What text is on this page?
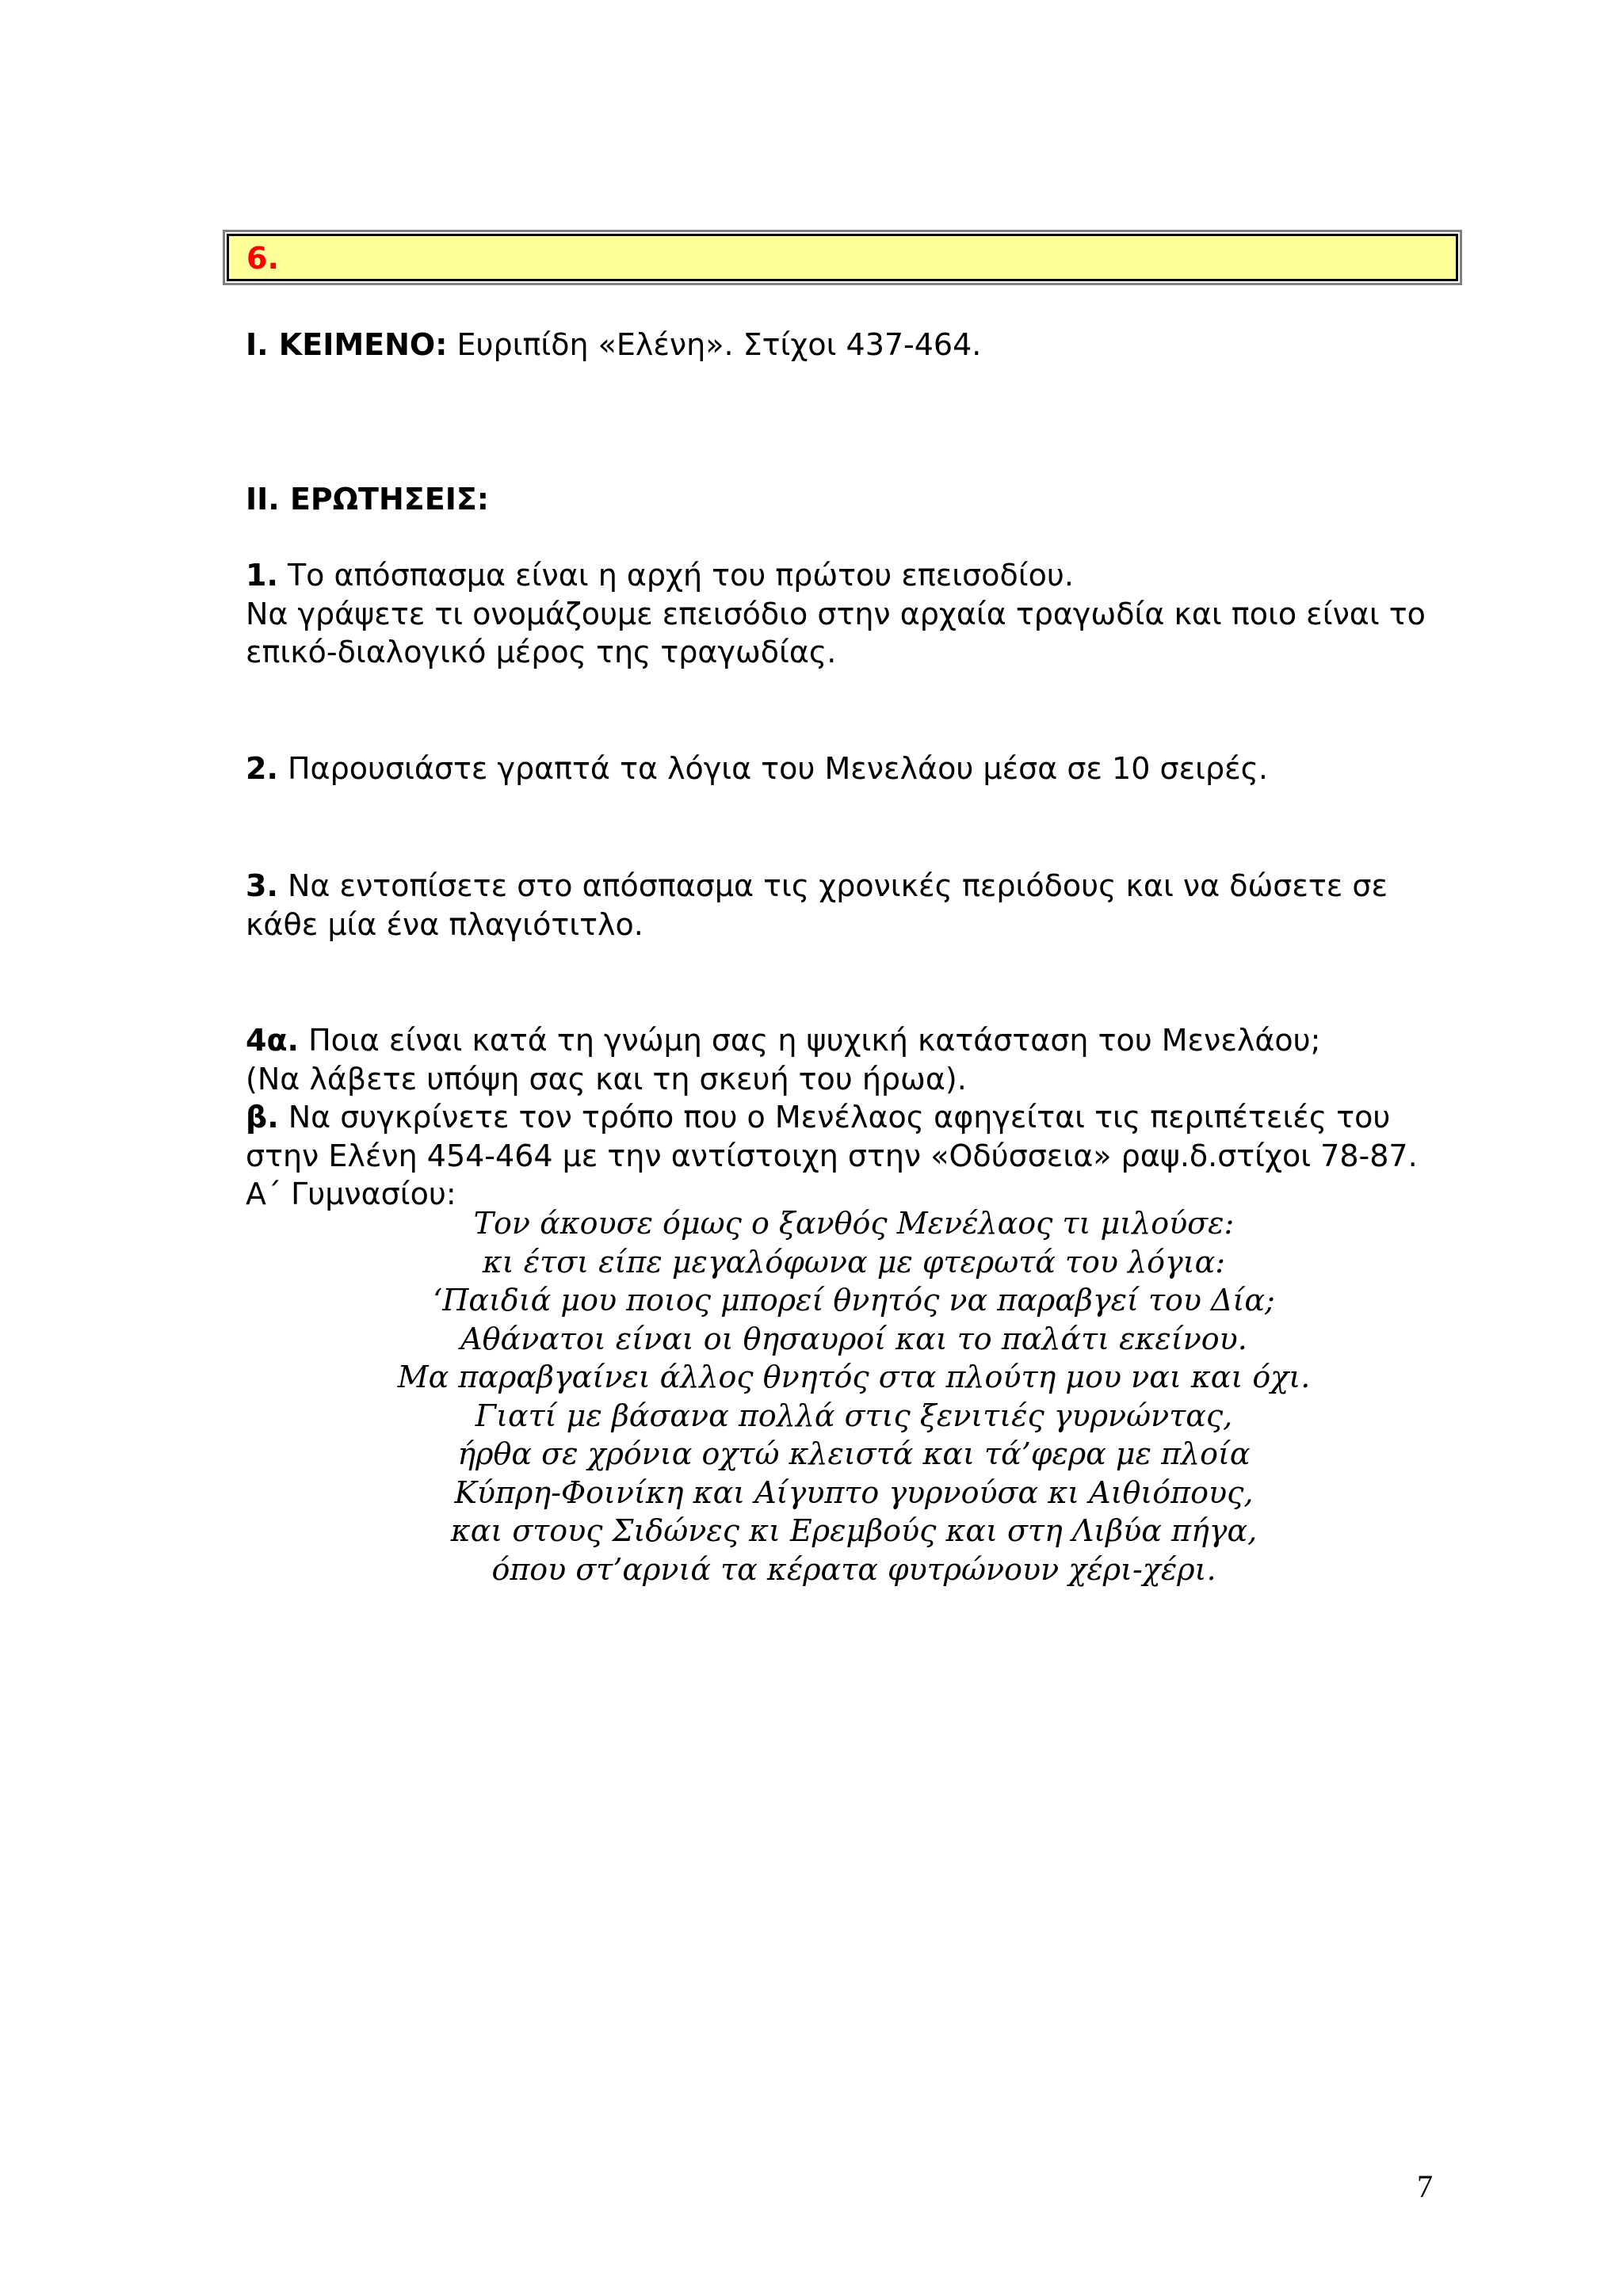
6.
I. ΚΕΙΜΕΝΟ: Ευριπίδη «Ελένη». Στίχοι 437-464.
II. ΕΡΩΤΗΣΕΙΣ:
1. Το απόσπασμα είναι η αρχή του πρώτου επεισοδίου.
Να γράψετε τι ονομάζουμε επεισόδιο στην αρχαία τραγωδία και ποιο είναι το
επικό-διαλογικό μέρος της τραγωδίας.
2. Παρουσιάστε γραπτά τα λόγια του Μενελάου μέσα σε 10 σειρές.
3. Να εντοπίσετε στο απόσπασμα τις χρονικές περιόδους και να δώσετε σε
κάθε μία ένα πλαγιότιτλο.
4α. Ποια είναι κατά τη γνώμη σας η ψυχική κατάσταση του Μενελάου;
(Να λάβετε υπόψη σας και τη σκευή του ήρωα).
β. Να συγκρίνετε τον τρόπο που ο Μενέλαος αφηγείται τις περιπέτειές του
στην Ελένη 454-464 με την αντίστοιχη στην «Οδύσσεια» ραψ.δ.στίχοι 78-87.
Α΄ Γυμνασίου:
Τον άκουσε όμως ο ξανθός Μενέλαος τι μιλούσε:
κι έτσι είπε μεγαλόφωνα με φτερωτά του λόγια:
‘Παιδιά μου ποιος μπορεί θνητός να παραβγεί του Δία;
Αθάνατοι είναι οι θησαυροί και το παλάτι εκείνου.
Μα παραβγαίνει άλλος θνητός στα πλούτη μου ναι και όχι.
Γιατί με βάσανα πολλά στις ξενιτιές γυρνώντας,
ήρθα σε χρόνια οχτώ κλειστά και τά’φερα με πλοία
Κύπρη-Φοινίκη και Αίγυπτο γυρνούσα κι Αιθιόπους,
και στους Σιδώνες κι Ερεμβούς και στη Λιβύα πήγα,
όπου στ’αρνιά τα κέρατα φυτρώνουν χέρι-χέρι.
7
